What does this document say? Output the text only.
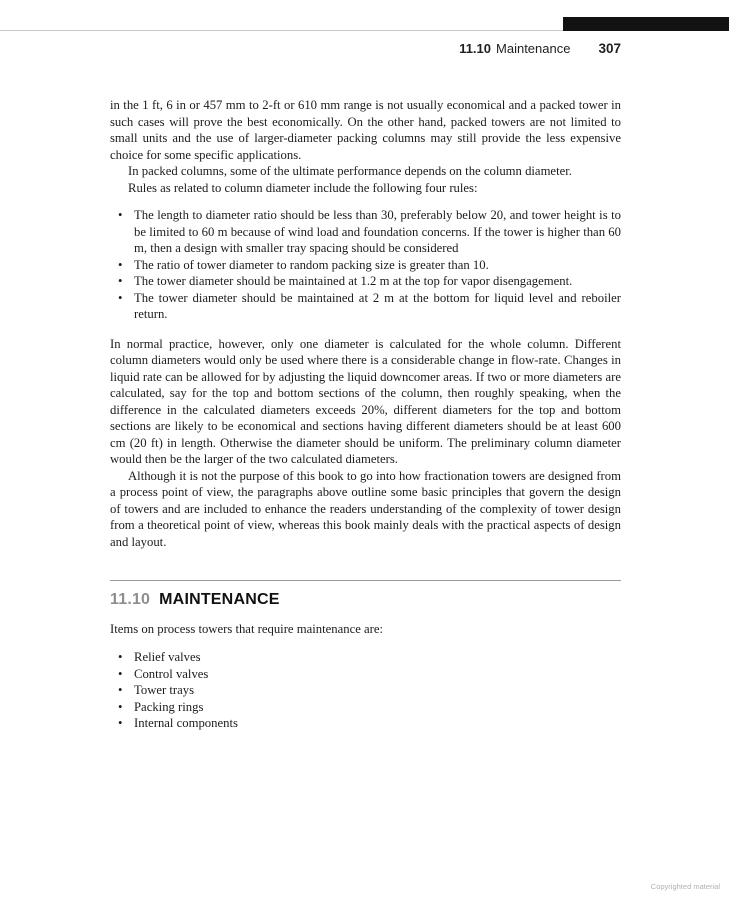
11.10 Maintenance 307

in the 1 ft, 6 in or 457 mm to 2-ft or 610 mm range is not usually economical and a packed tower in such cases will prove the best economically. On the other hand, packed towers are not limited to small units and the use of larger-diameter packing columns may still provide the less expensive choice for some specific applications.

In packed columns, some of the ultimate performance depends on the column diameter.

Rules as related to column diameter include the following four rules:

• The length to diameter ratio should be less than 30, preferably below 20, and tower height is to be limited to 60 m because of wind load and foundation concerns. If the tower is higher than 60 m, then a design with smaller tray spacing should be considered
• The ratio of tower diameter to random packing size is greater than 10.
• The tower diameter should be maintained at 1.2 m at the top for vapor disengagement.
• The tower diameter should be maintained at 2 m at the bottom for liquid level and reboiler return.

In normal practice, however, only one diameter is calculated for the whole column. Different column diameters would only be used where there is a considerable change in flow-rate. Changes in liquid rate can be allowed for by adjusting the liquid downcomer areas. If two or more diameters are calculated, say for the top and bottom sections of the column, then roughly speaking, when the difference in the calculated diameters exceeds 20%, different diameters for the top and bottom sections are likely to be economical and sections having different diameters should be at least 600 cm (20 ft) in length. Otherwise the diameter should be uniform. The preliminary column diameter would then be the larger of the two calculated diameters.

Although it is not the purpose of this book to go into how fractionation towers are designed from a process point of view, the paragraphs above outline some basic principles that govern the design of towers and are included to enhance the readers understanding of the complexity of tower design from a theoretical point of view, whereas this book mainly deals with the practical aspects of design and layout.

11.10 MAINTENANCE

Items on process towers that require maintenance are:

• Relief valves
• Control valves
• Tower trays
• Packing rings
• Internal components
Copyrighted material
